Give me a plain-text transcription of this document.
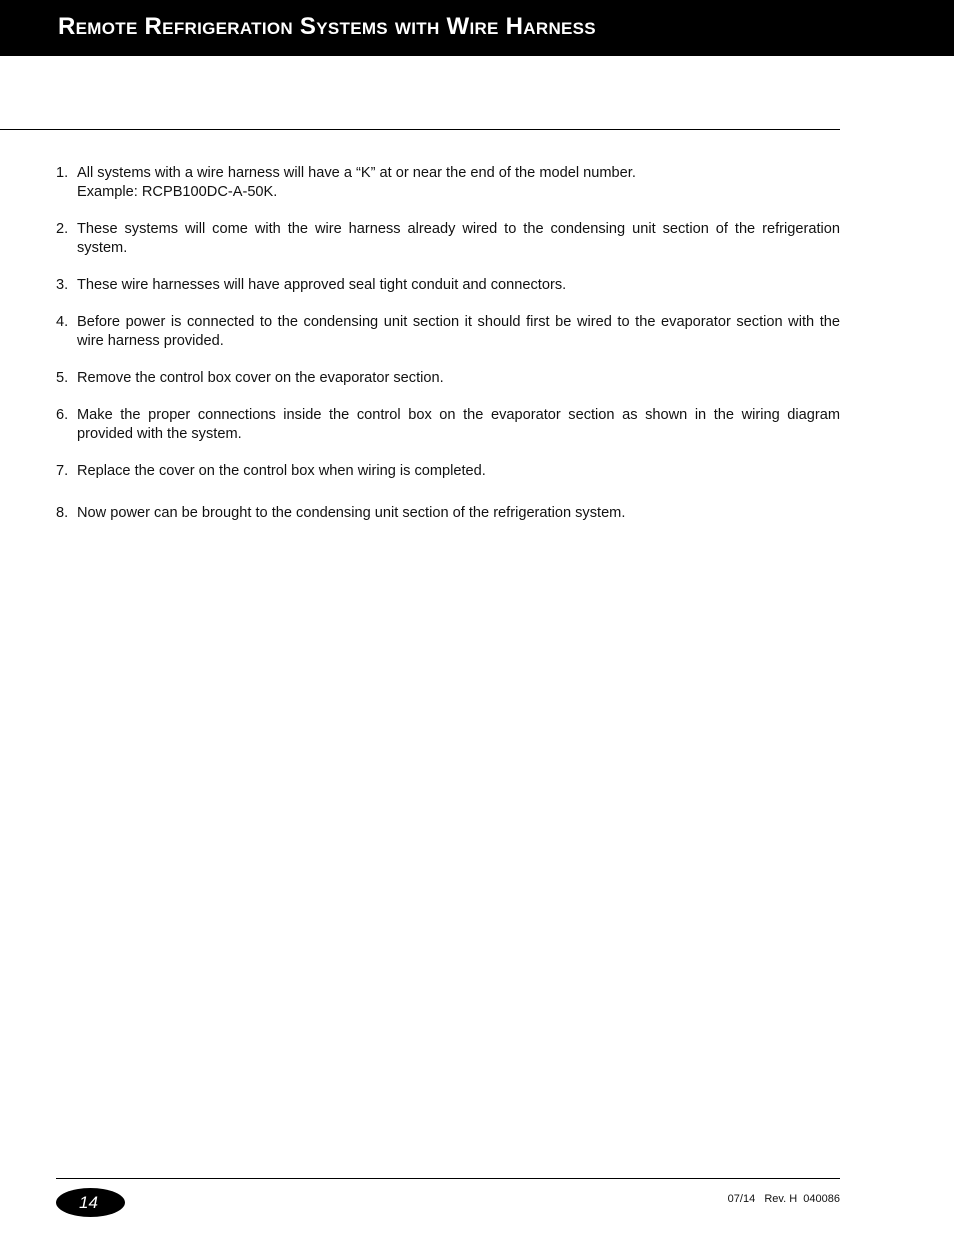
Remote Refrigeration Systems with Wire Harness
1. All systems with a wire harness will have a “K” at or near the end of the model number.
Example: RCPB100DC-A-50K.
2. These systems will come with the wire harness already wired to the condensing unit section of the refrigeration system.
3. These wire harnesses will have approved seal tight conduit and connectors.
4. Before power is connected to the condensing unit section it should first be wired to the evaporator section with the wire harness provided.
5. Remove the control box cover on the evaporator section.
6. Make the proper connections inside the control box on the evaporator section as shown in the wiring diagram provided with the system.
7. Replace the cover on the control box when wiring is completed.
8. Now power can be brought to the condensing unit section of the refrigeration system.
14	07/14   Rev. H  040086
